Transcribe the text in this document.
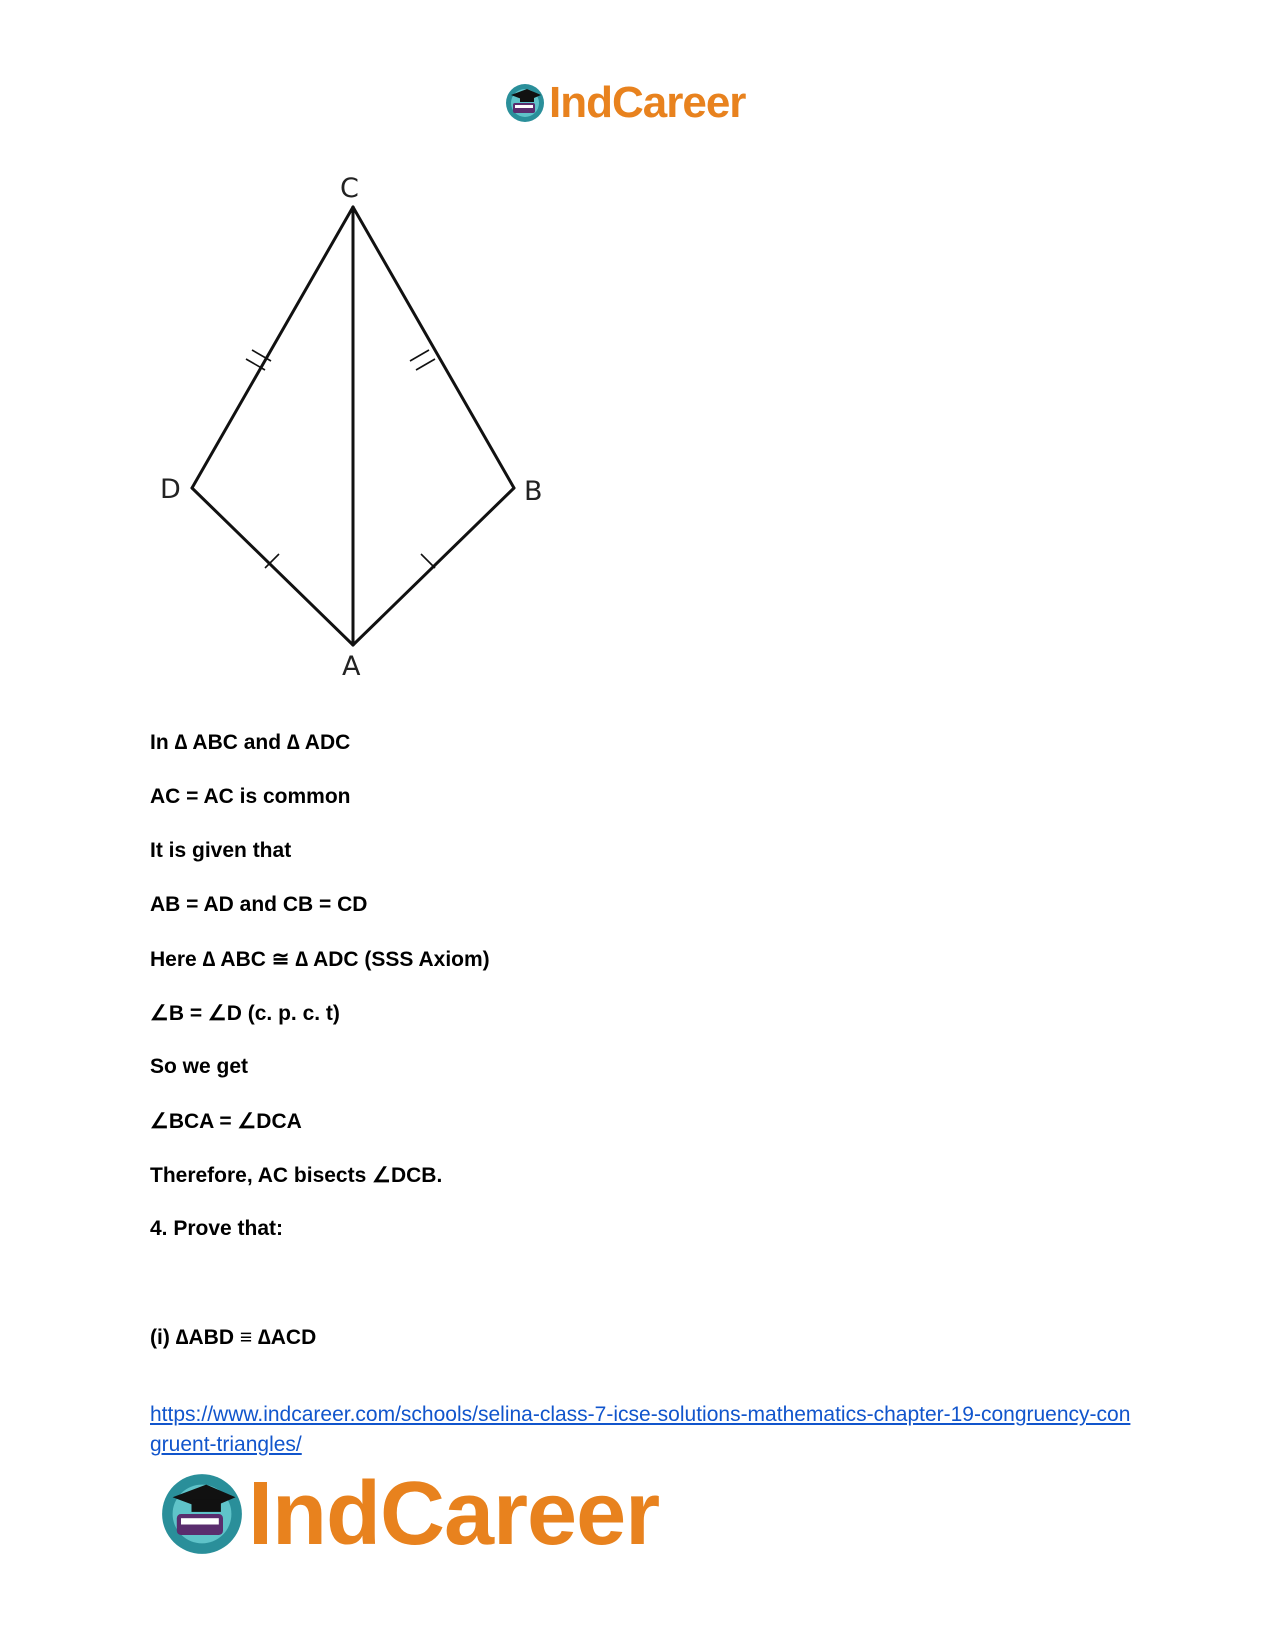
IndCareer
C
D	B
A

In ∆ ABC and ∆ ADC

AC = AC is common

It is given that

AB = AD and CB = CD

Here ∆ ABC ≅ ∆ ADC (SSS Axiom)

∠B = ∠D (c. p. c. t)

So we get

∠BCA = ∠DCA

Therefore, AC bisects ∠DCB.

4. Prove that:

(i) ∆ABD ≡ ∆ACD

https://www.indcareer.com/schools/selina-class-7-icse-solutions-mathematics-chapter-19-congruency-congruent-triangles/
IndCareer
